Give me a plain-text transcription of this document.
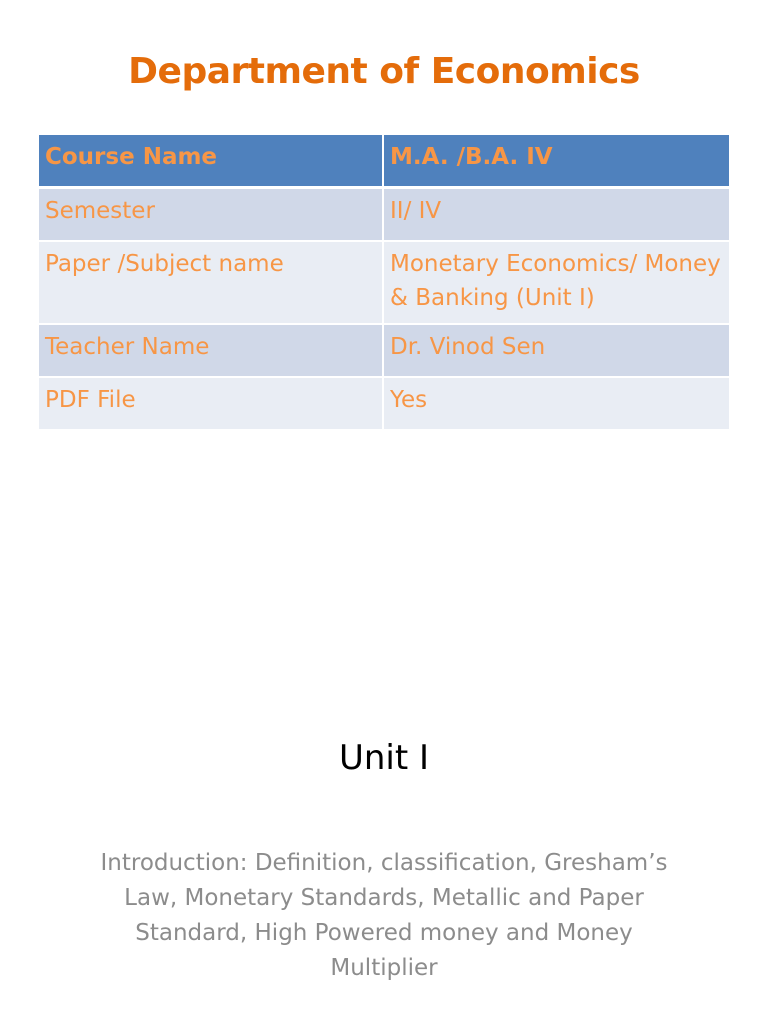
Department of Economics
Course Name	M.A. /B.A. IV
Semester	II/ IV
Paper /Subject name	Monetary Economics/ Money & Banking (Unit I)
Teacher Name	Dr. Vinod Sen
PDF File	Yes
Unit I
Introduction: Definition, classification, Gresham’s Law, Monetary Standards, Metallic and Paper Standard, High Powered money and Money Multiplier
